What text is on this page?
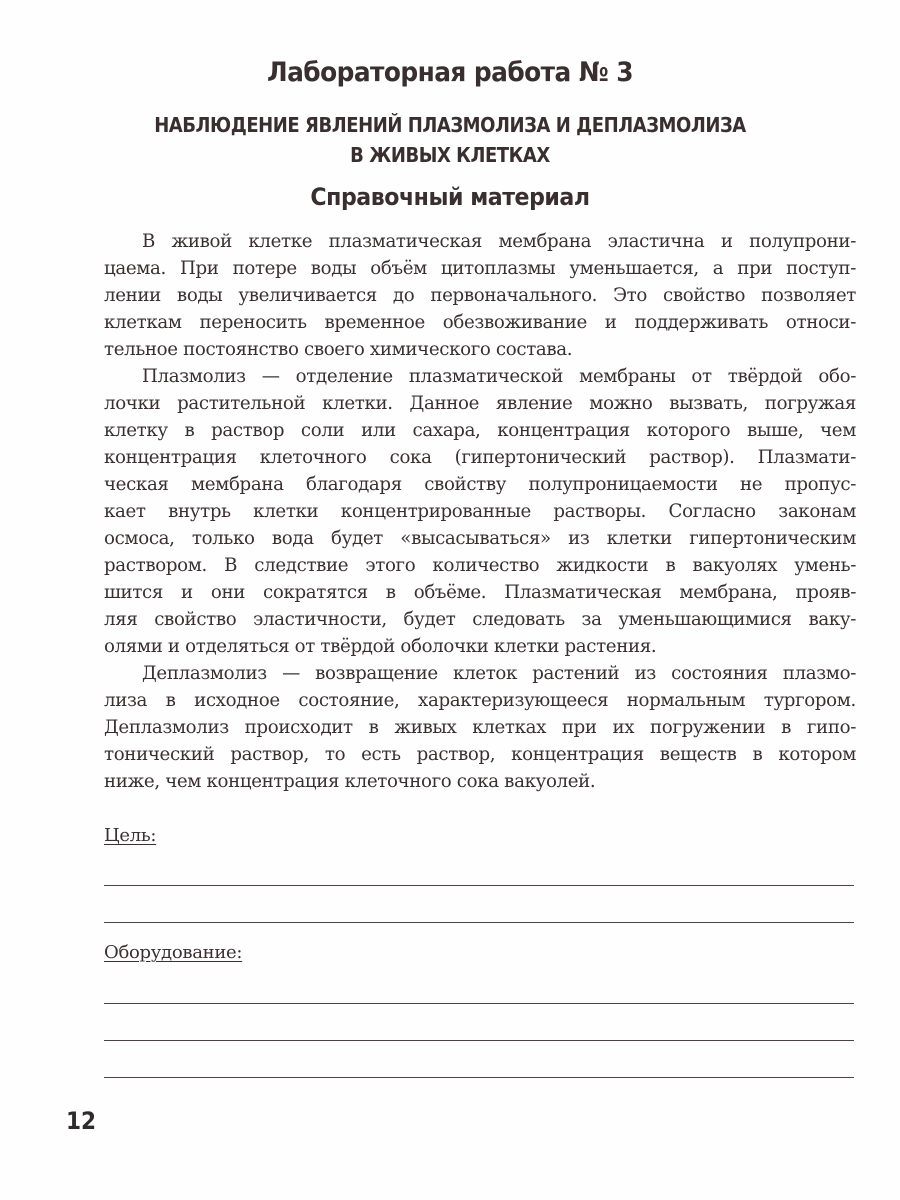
Лабораторная работа № 3
НАБЛЮДЕНИЕ ЯВЛЕНИЙ ПЛАЗМОЛИЗА И ДЕПЛАЗМОЛИЗА
В ЖИВЫХ КЛЕТКАХ
Справочный материал
В живой клетке плазматическая мембрана эластична и полупрони-
цаема. При потере воды объём цитоплазмы уменьшается, а при поступ-
лении воды увеличивается до первоначального. Это свойство позволяет
клеткам переносить временное обезвоживание и поддерживать относи-
тельное постоянство своего химического состава.
Плазмолиз — отделение плазматической мембраны от твёрдой обо-
лочки растительной клетки. Данное явление можно вызвать, погружая
клетку в раствор соли или сахара, концентрация которого выше, чем
концентрация клеточного сока (гипертонический раствор). Плазмати-
ческая мембрана благодаря свойству полупроницаемости не пропус-
кает внутрь клетки концентрированные растворы. Согласно законам
осмоса, только вода будет «высасываться» из клетки гипертоническим
раствором. В следствие этого количество жидкости в вакуолях умень-
шится и они сократятся в объёме. Плазматическая мембрана, прояв-
ляя свойство эластичности, будет следовать за уменьшающимися ваку-
олями и отделяться от твёрдой оболочки клетки растения.
Деплазмолиз — возвращение клеток растений из состояния плазмо-
лиза в исходное состояние, характеризующееся нормальным тургором.
Деплазмолиз происходит в живых клетках при их погружении в гипо-
тонический раствор, то есть раствор, концентрация веществ в котором
ниже, чем концентрация клеточного сока вакуолей.
Цель:
Оборудование:
12
